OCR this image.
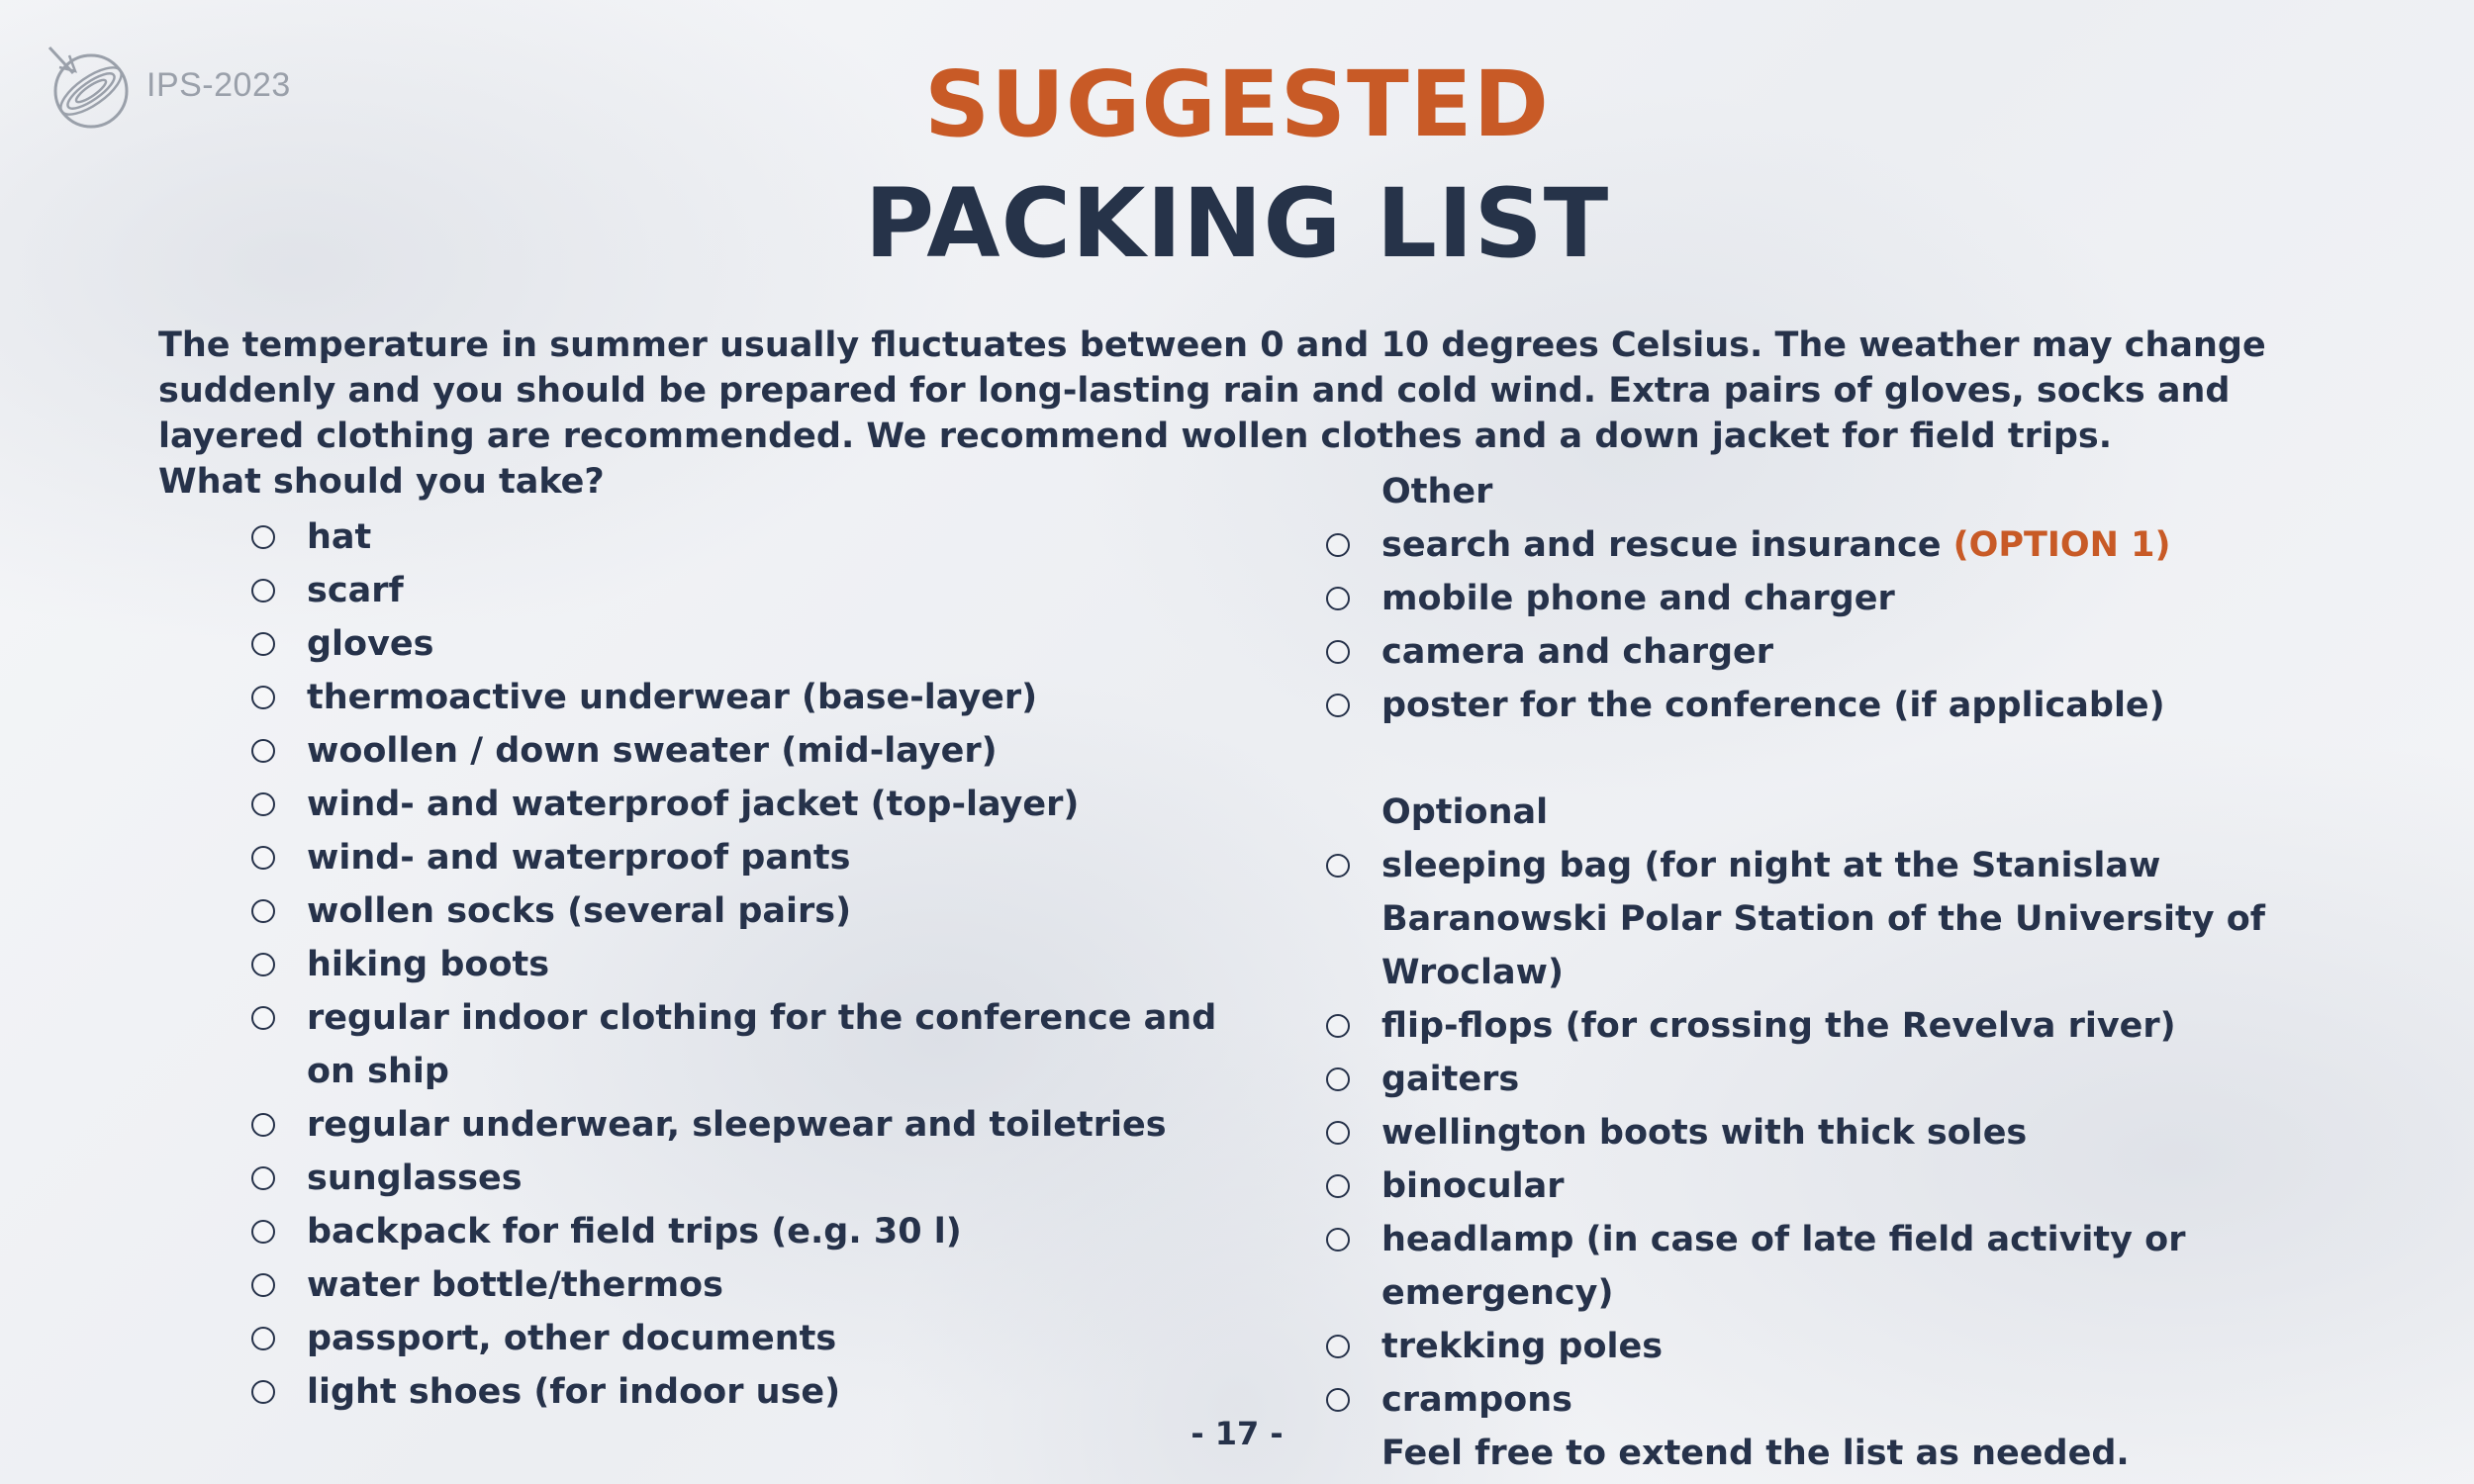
IPS-2023	SUGGESTED
PACKING LIST

The temperature in summer usually fluctuates between 0 and 10 degrees Celsius. The weather may change suddenly and you should be prepared for long-lasting rain and cold wind. Extra pairs of gloves, socks and layered clothing are recommended. We recommend wollen clothes and a down jacket for field trips.

What should you take?

hat
scarf
gloves
thermoactive underwear (base-layer)
woollen / down sweater (mid-layer)
wind- and waterproof jacket (top-layer)
wind- and waterproof pants
wollen socks (several pairs)
hiking boots
regular indoor clothing for the conference and on ship
regular underwear, sleepwear and toiletries
sunglasses
backpack for field trips (e.g. 30 l)
water bottle/thermos
passport, other documents
light shoes (for indoor use)
Other
search and rescue insurance (OPTION 1)
mobile phone and charger
camera and charger
poster for the conference (if applicable)
Optional
sleeping bag (for night at the Stanislaw Baranowski Polar Station of the University of Wroclaw)
flip-flops (for crossing the Revelva river)
gaiters
wellington boots with thick soles
binocular
headlamp (in case of late field activity or emergency)
trekking poles
crampons
Feel free to extend the list as needed.
- 17 -
